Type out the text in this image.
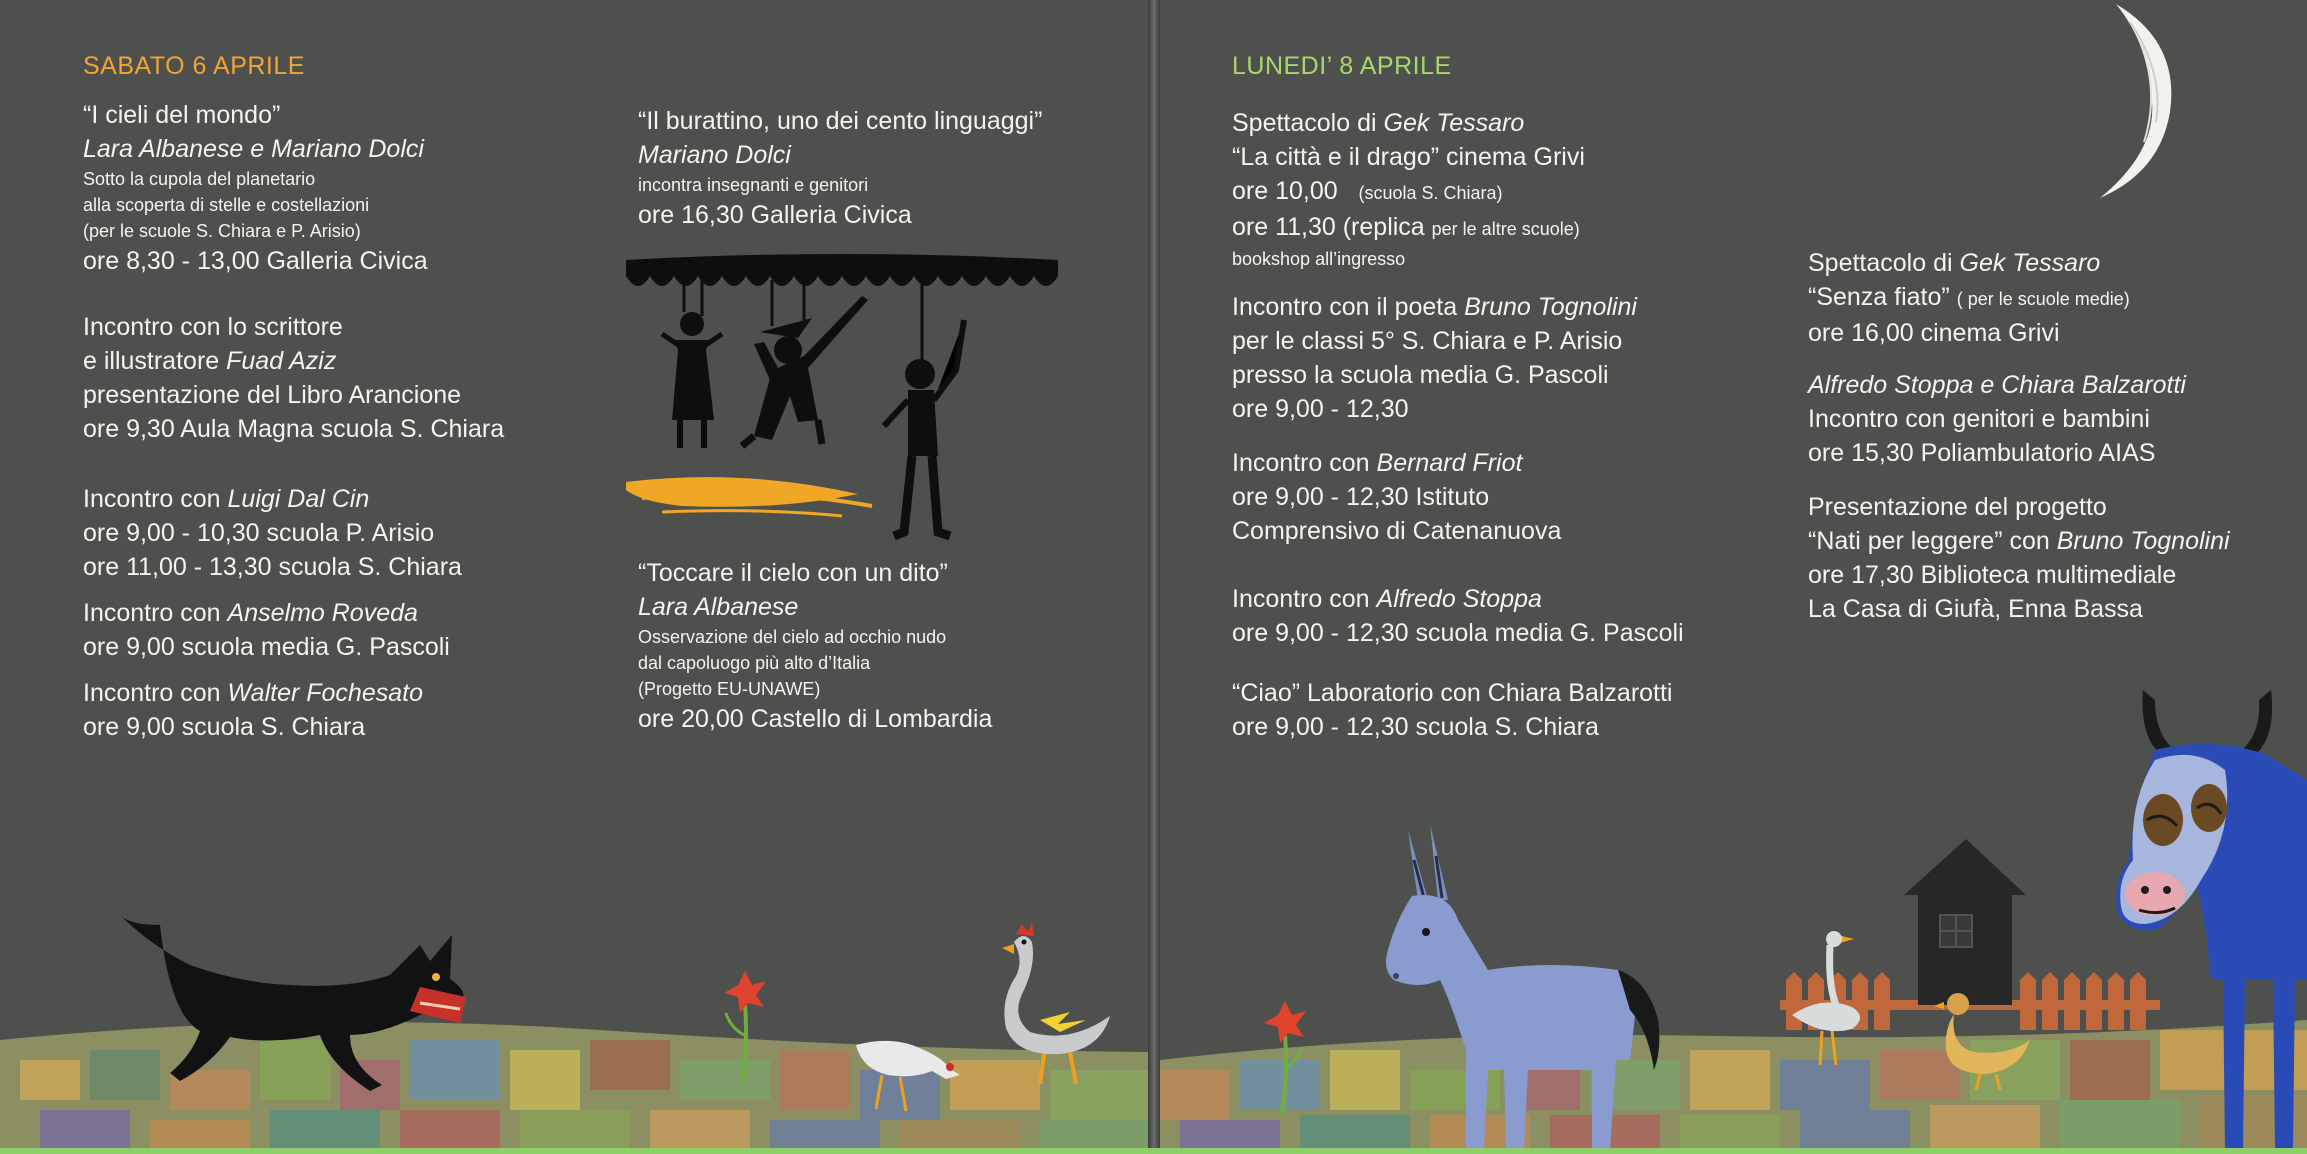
SABATO 6 APRILE
“I cieli del mondo”
Lara Albanese e Mariano Dolci
Sotto la cupola del planetario
alla scoperta di stelle e costellazioni
(per le scuole S. Chiara e P. Arisio)
ore 8,30 - 13,00 Galleria Civica
Incontro con lo scrittore
e illustratore Fuad Aziz
presentazione del Libro Arancione
ore 9,30 Aula Magna scuola S. Chiara
Incontro con Luigi Dal Cin
ore 9,00 - 10,30 scuola P. Arisio
ore 11,00 - 13,30 scuola S. Chiara
Incontro con Anselmo Roveda
ore 9,00 scuola media G. Pascoli
Incontro con Walter Fochesato
ore 9,00 scuola S. Chiara
“Il burattino, uno dei cento linguaggi”
Mariano Dolci
incontra insegnanti e genitori
ore 16,30 Galleria Civica
“Toccare il cielo con un dito”
Lara Albanese
Osservazione del cielo ad occhio nudo
dal capoluogo più alto d’Italia
(Progetto EU-UNAWE)
ore 20,00 Castello di Lombardia
LUNEDI’ 8 APRILE
Spettacolo di Gek Tessaro
“La città e il drago” cinema Grivi
ore 10,00 (scuola S. Chiara)
ore 11,30 (replica per le altre scuole)
bookshop all’ingresso
Incontro con il poeta Bruno Tognolini
per le classi 5° S. Chiara e P. Arisio
presso la scuola media G. Pascoli
ore 9,00 - 12,30
Incontro con Bernard Friot
ore 9,00 - 12,30 Istituto
Comprensivo di Catenanuova
Incontro con Alfredo Stoppa
ore 9,00 - 12,30 scuola media G. Pascoli
“Ciao” Laboratorio con Chiara Balzarotti
ore 9,00 - 12,30 scuola S. Chiara
Spettacolo di Gek Tessaro
“Senza fiato” ( per le scuole medie)
ore 16,00 cinema Grivi
Alfredo Stoppa e Chiara Balzarotti
Incontro con genitori e bambini
ore 15,30 Poliambulatorio AIAS
Presentazione del progetto
“Nati per leggere” con Bruno Tognolini
ore 17,30 Biblioteca multimediale
La Casa di Giufà, Enna Bassa
